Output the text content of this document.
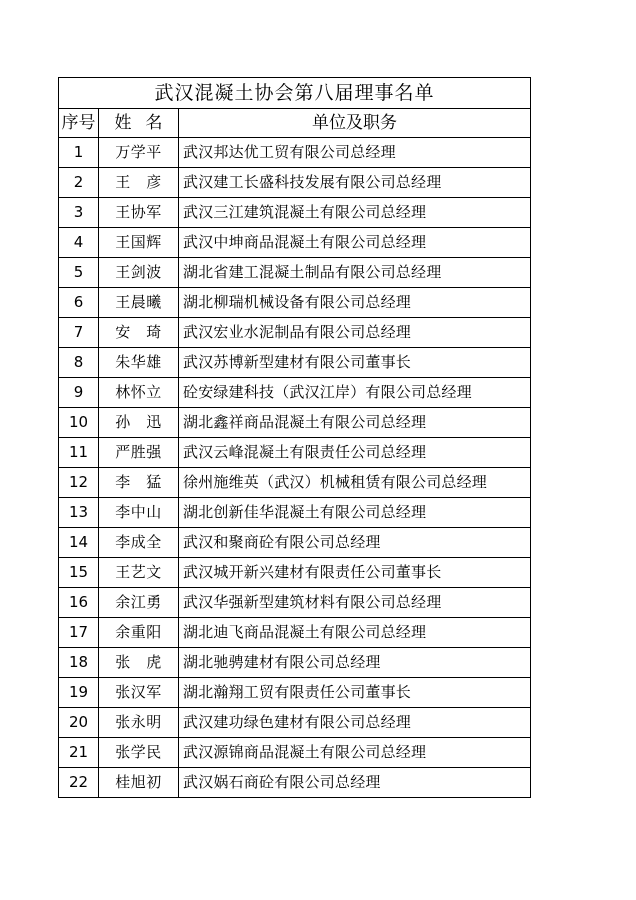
武汉混凝土协会第八届理事名单		
序号	姓名	单位及职务
1	万学平	武汉邦达优工贸有限公司总经理
2	王　彦	武汉建工长盛科技发展有限公司总经理
3	王协军	武汉三江建筑混凝土有限公司总经理
4	王国辉	武汉中坤商品混凝土有限公司总经理
5	王剑波	湖北省建工混凝土制品有限公司总经理
6	王晨曦	湖北柳瑞机械设备有限公司总经理
7	安　琦	武汉宏业水泥制品有限公司总经理
8	朱华雄	武汉苏博新型建材有限公司董事长
9	林怀立	砼安绿建科技（武汉江岸）有限公司总经理
10	孙　迅	湖北鑫祥商品混凝土有限公司总经理
11	严胜强	武汉云峰混凝土有限责任公司总经理
12	李　猛	徐州施维英（武汉）机械租赁有限公司总经理
13	李中山	湖北创新佳华混凝土有限公司总经理
14	李成全	武汉和聚商砼有限公司总经理
15	王艺文	武汉城开新兴建材有限责任公司董事长
16	余江勇	武汉华强新型建筑材料有限公司总经理
17	余重阳	湖北迪飞商品混凝土有限公司总经理
18	张　虎	湖北驰骋建材有限公司总经理
19	张汉军	湖北瀚翔工贸有限责任公司董事长
20	张永明	武汉建功绿色建材有限公司总经理
21	张学民	武汉源锦商品混凝土有限公司总经理
22	桂旭初	武汉娲石商砼有限公司总经理
